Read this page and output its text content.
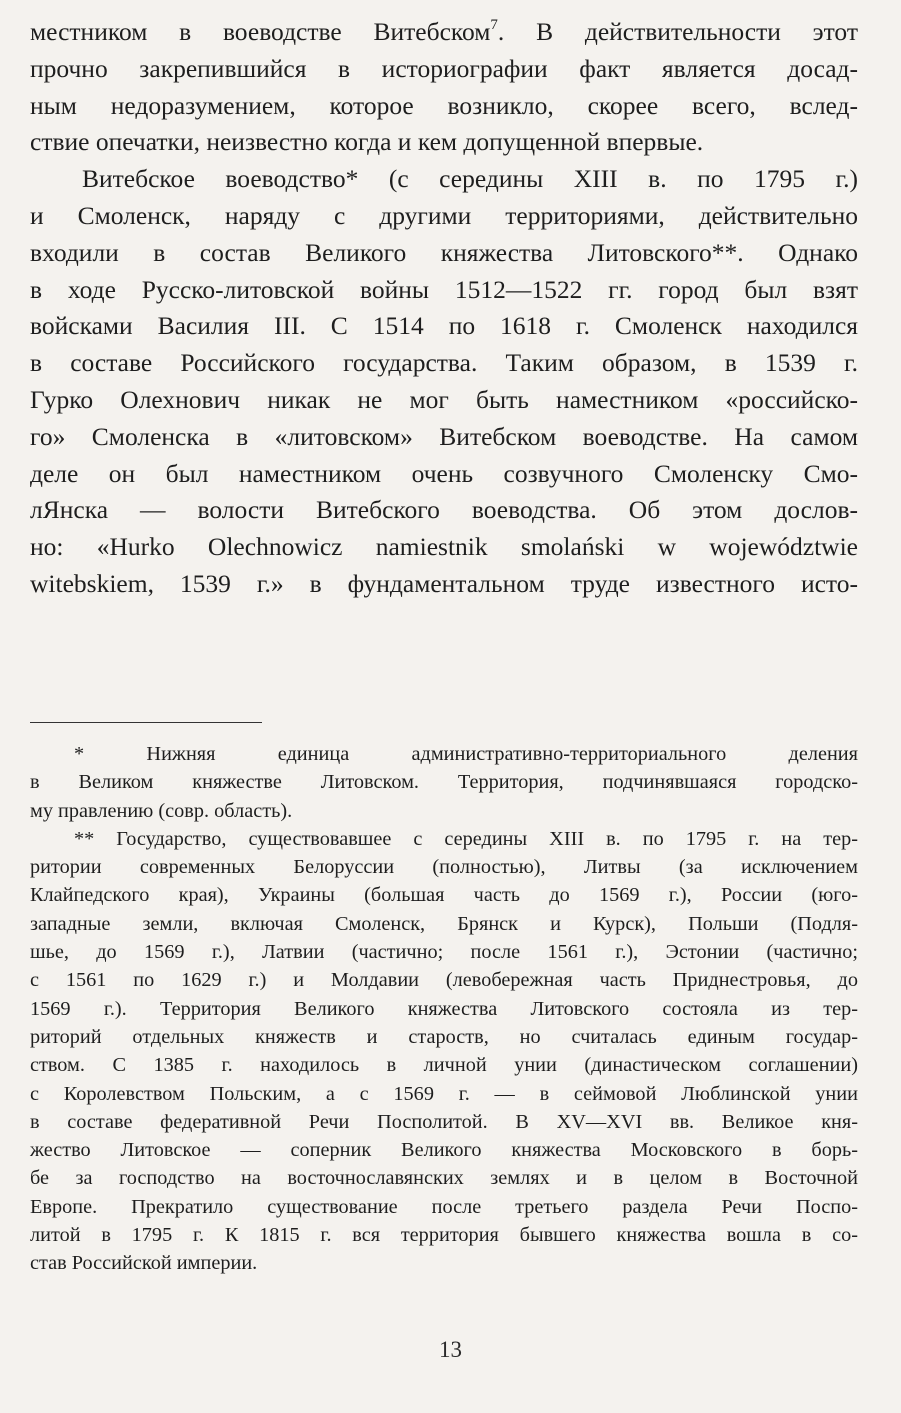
местником в воеводстве Витебском$^7$. В действительности этот
прочно закрепившийся в историографии факт является досад-
ным недоразумением, которое возникло, скорее всего, вслед-
ствие опечатки, неизвестно когда и кем допущенной впервые.
Витебское воеводство* (с середины XIII в. по 1795 г.)
и Смоленск, наряду с другими территориями, действительно
входили в состав Великого княжества Литовского**. Однако
в ходе Русско-литовской войны 1512—1522 гг. город был взят
войсками Василия III. С 1514 по 1618 г. Смоленск находился
в составе Российского государства. Таким образом, в 1539 г.
Гурко Олехнович никак не мог быть наместником «российско-
го» Смоленска в «литовском» Витебском воеводстве. На самом
деле он был наместником очень созвучного Смоленску Смо-
лЯнска — волости Витебского воеводства. Об этом дослов-
но: «Hurko Olechnowicz namiestnik smolański w województwie
witebskiem, 1539 г.» в фундаментальном труде известного исто-
* Нижняя единица административно-территориального деления
в Великом княжестве Литовском. Территория, подчинявшаяся городско-
му правлению (совр. область).
** Государство, существовавшее с середины XIII в. по 1795 г. на тер-
ритории современных Белоруссии (полностью), Литвы (за исключением
Клайпедского края), Украины (большая часть до 1569 г.), России (юго-
западные земли, включая Смоленск, Брянск и Курск), Польши (Подля-
шье, до 1569 г.), Латвии (частично; после 1561 г.), Эстонии (частично;
с 1561 по 1629 г.) и Молдавии (левобережная часть Приднестровья, до
1569 г.). Территория Великого княжества Литовского состояла из тер-
риторий отдельных княжеств и староств, но считалась единым государ-
ством. С 1385 г. находилось в личной унии (династическом соглашении)
с Королевством Польским, а с 1569 г. — в сеймовой Люблинской унии
в составе федеративной Речи Посполитой. В XV—XVI вв. Великое кня-
жество Литовское — соперник Великого княжества Московского в борь-
бе за господство на восточнославянских землях и в целом в Восточной
Европе. Прекратило существование после третьего раздела Речи Поспо-
литой в 1795 г. К 1815 г. вся территория бывшего княжества вошла в со-
став Российской империи.
13
